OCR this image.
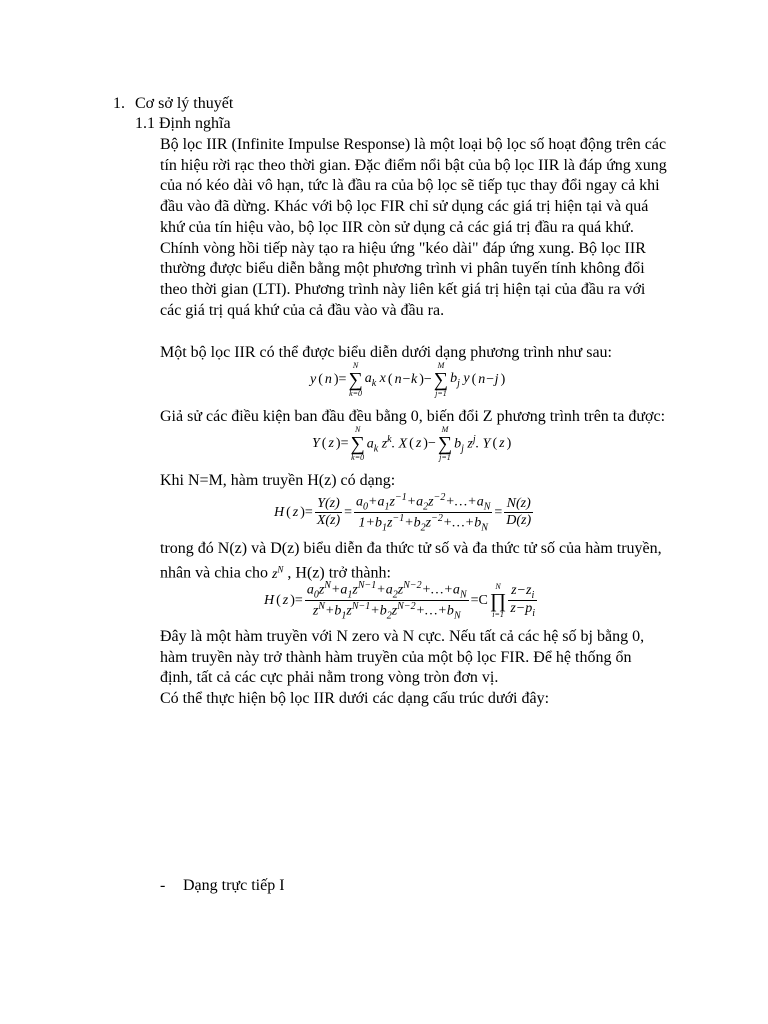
1. Cơ sở lý thuyết
1.1 Định nghĩa
Bộ lọc IIR (Infinite Impulse Response) là một loại bộ lọc số hoạt động trên các
tín hiệu rời rạc theo thời gian. Đặc điểm nổi bật của bộ lọc IIR là đáp ứng xung
của nó kéo dài vô hạn, tức là đầu ra của bộ lọc sẽ tiếp tục thay đổi ngay cả khi
đầu vào đã dừng. Khác với bộ lọc FIR chỉ sử dụng các giá trị hiện tại và quá
khứ của tín hiệu vào, bộ lọc IIR còn sử dụng cả các giá trị đầu ra quá khứ.
Chính vòng hồi tiếp này tạo ra hiệu ứng "kéo dài" đáp ứng xung. Bộ lọc IIR
thường được biểu diễn bằng một phương trình vi phân tuyến tính không đổi
theo thời gian (LTI). Phương trình này liên kết giá trị hiện tại của đầu ra với
các giá trị quá khứ của cả đầu vào và đầu ra.
Một bộ lọc IIR có thể được biểu diễn dưới dạng phương trình như sau:
y ( n )=
N
∑
k=0
$a_k$ x ( n−k )−
M
∑
j=1
$b_j$ y ( n−j )
Giả sử các điều kiện ban đầu đều bằng 0, biến đổi Z phương trình trên ta được:
Y ( z )=
N
∑
k=0
$a_k$ $z^k$. X ( z )−
M
∑
j=1
$b_j$ $z^j$. Y ( z )
Khi N=M, hàm truyền H(z) có dạng:
H ( z )= $\frac{Y(z)}{X(z)} = \frac{a_0+a_1z^{-1}+a_2z^{-2}+\dots+a_N}{1+b_1z^{-1}+b_2z^{-2}+\dots+b_N} = \frac{N(z)}{D(z)}$
trong đó N(z) và D(z) biểu diễn đa thức tử số và đa thức tử số của hàm truyền,
nhân và chia cho $z^N$ , H(z) trở thành:
H ( z )= $\frac{a_0z^N+a_1z^{N-1}+a_2z^{N-2}+\dots+a_N}{z^N+b_1z^{N-1}+b_2z^{N-2}+\dots+b_N} =C$
N
∏
$i=1 \frac{z-z_i}{z-p_i}$
Đây là một hàm truyền với N zero và N cực. Nếu tất cả các hệ số bj bằng 0,
hàm truyền này trở thành hàm truyền của một bộ lọc FIR. Để hệ thống ổn
định, tất cả các cực phải nằm trong vòng tròn đơn vị.
Có thể thực hiện bộ lọc IIR dưới các dạng cấu trúc dưới đây:
- Dạng trực tiếp I
